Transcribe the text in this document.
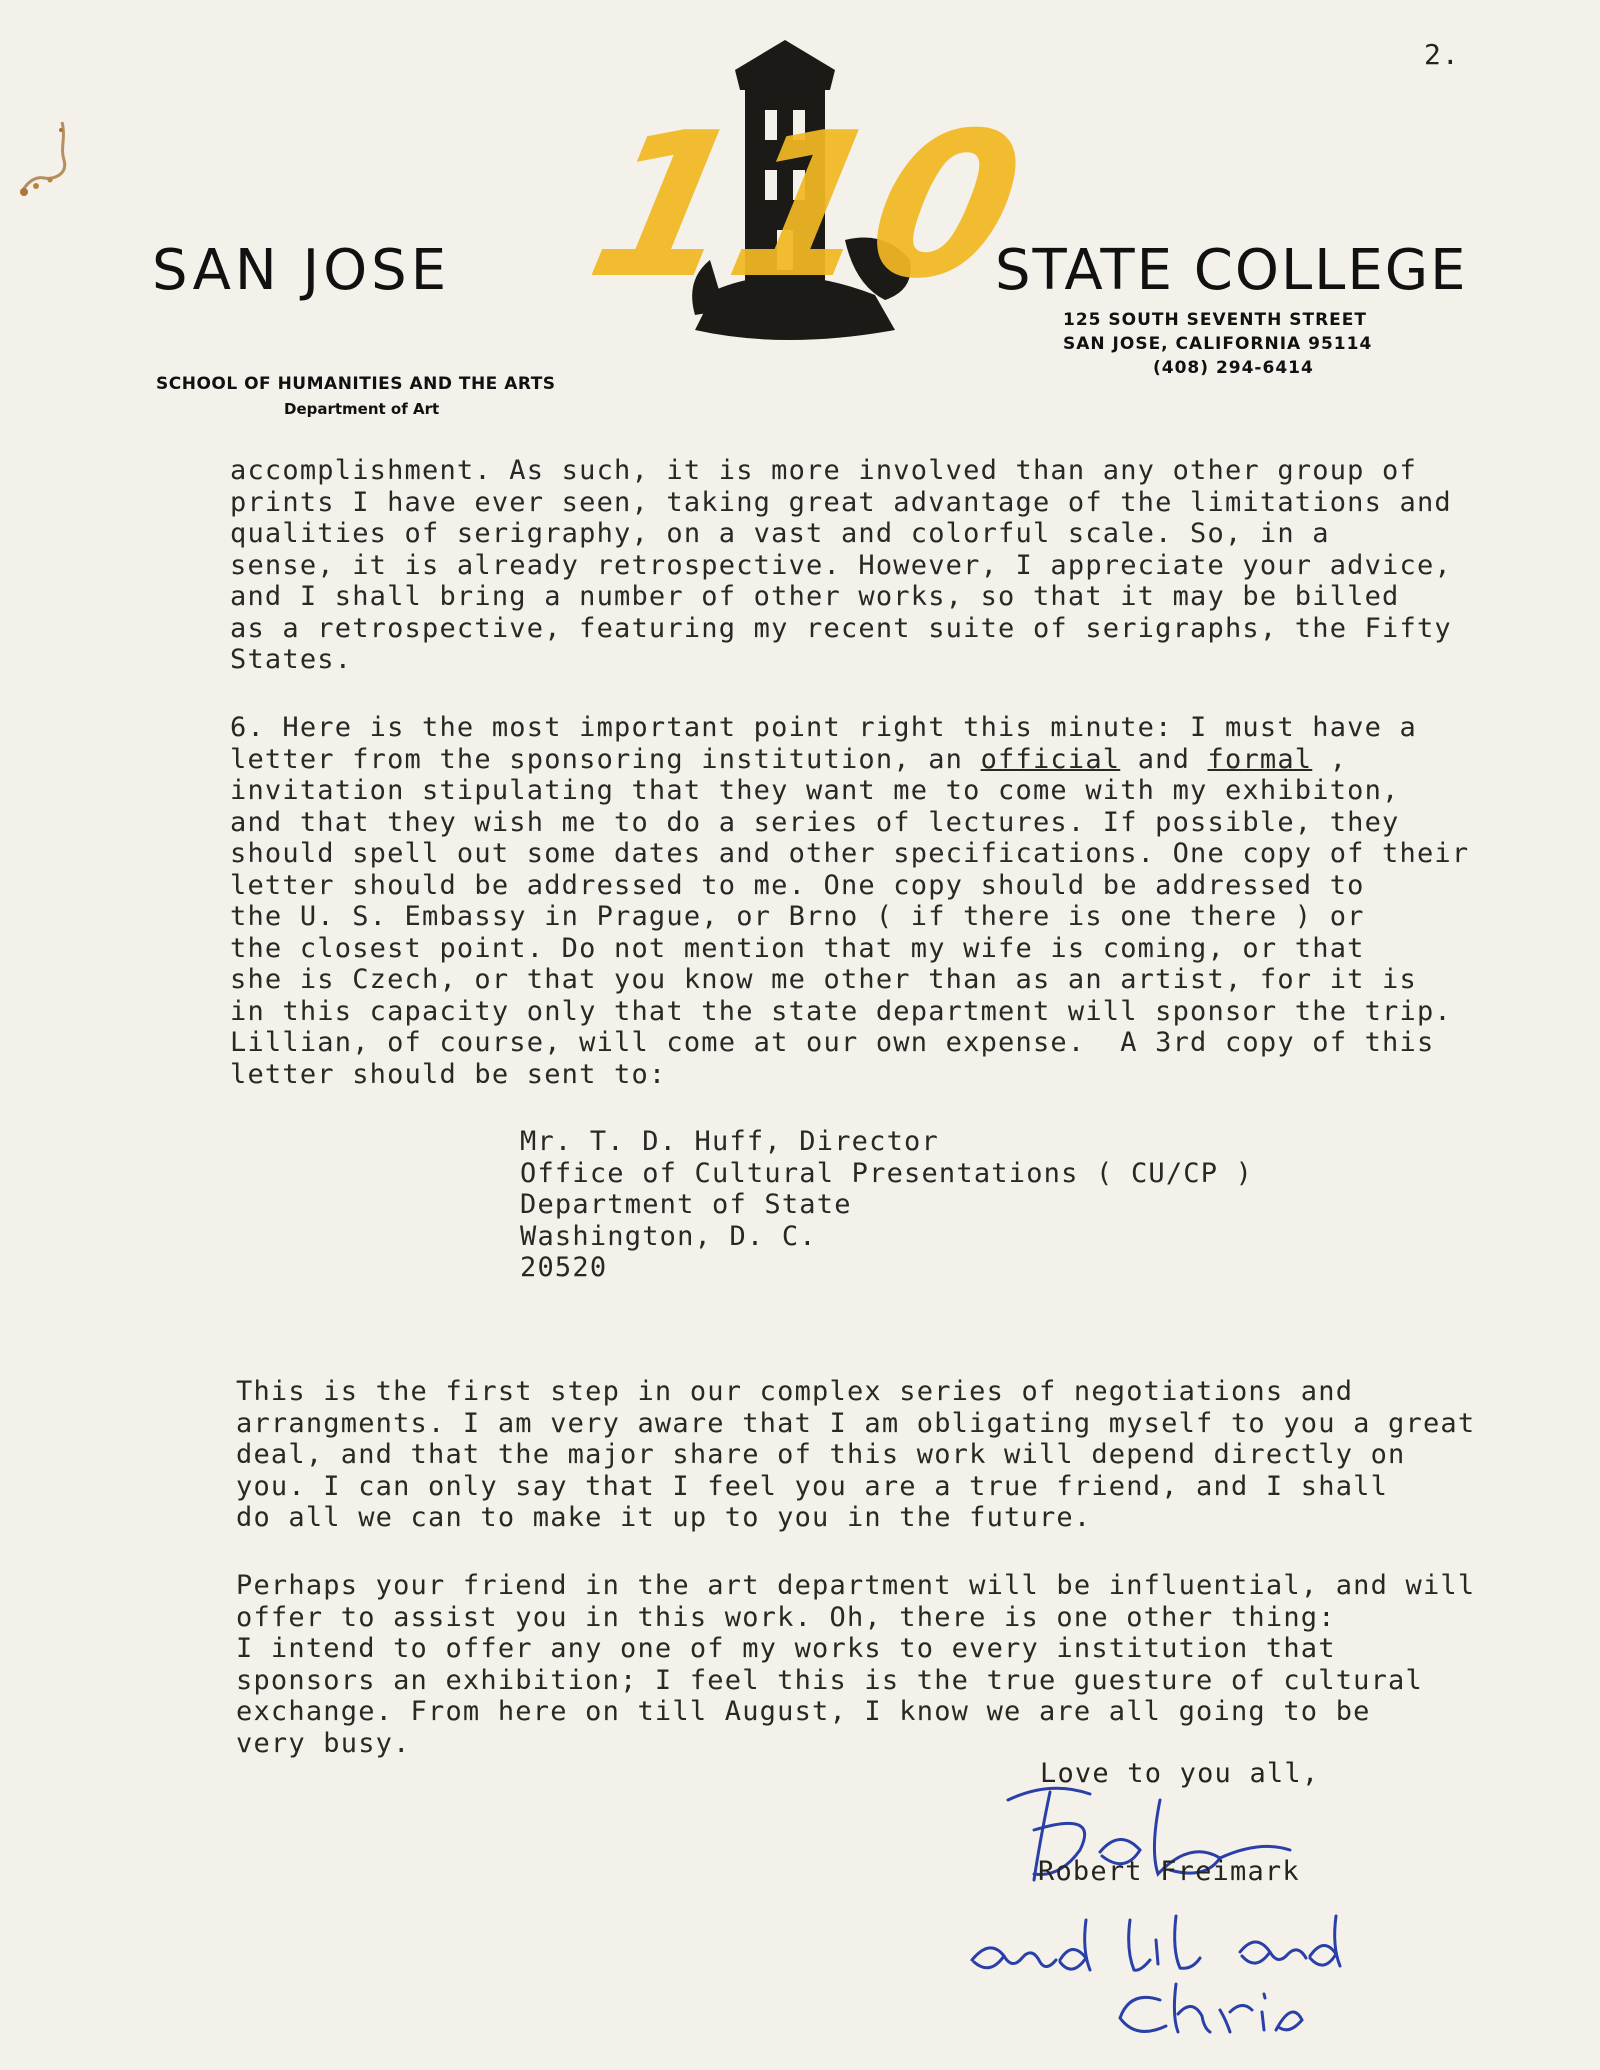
2.
SAN JOSE 110
STATE COLLEGE
125 SOUTH SEVENTH STREET
SAN JOSE, CALIFORNIA 95114
(408) 294-6414
SCHOOL OF HUMANITIES AND THE ARTS
Department of Art
accomplishment. As such, it is more involved than any other group of
prints I have ever seen, taking great advantage of the limitations and
qualities of serigraphy, on a vast and colorful scale. So, in a
sense, it is already retrospective. However, I appreciate your advice,
and I shall bring a number of other works, so that it may be billed
as a retrospective, featuring my recent suite of serigraphs, the Fifty
States.
6. Here is the most important point right this minute: I must have a
letter from the sponsoring institution, an official and formal ,
invitation stipulating that they want me to come with my exhibiton,
and that they wish me to do a series of lectures. If possible, they
should spell out some dates and other specifications. One copy of their
letter should be addressed to me. One copy should be addressed to
the U. S. Embassy in Prague, or Brno ( if there is one there ) or
the closest point. Do not mention that my wife is coming, or that
she is Czech, or that you know me other than as an artist, for it is
in this capacity only that the state department will sponsor the trip.
Lillian, of course, will come at our own expense.  A 3rd copy of this
letter should be sent to:
Mr. T. D. Huff, Director
Office of Cultural Presentations ( CU/CP )
Department of State
Washington, D. C.
20520
This is the first step in our complex series of negotiations and
arrangments. I am very aware that I am obligating myself to you a great
deal, and that the major share of this work will depend directly on
you. I can only say that I feel you are a true friend, and I shall
do all we can to make it up to you in the future.
Perhaps your friend in the art department will be influential, and will
offer to assist you in this work. Oh, there is one other thing:
I intend to offer any one of my works to every institution that
sponsors an exhibition; I feel this is the true guesture of cultural
exchange. From here on till August, I know we are all going to be
very busy.
Love to you all,
Robert Freimark
